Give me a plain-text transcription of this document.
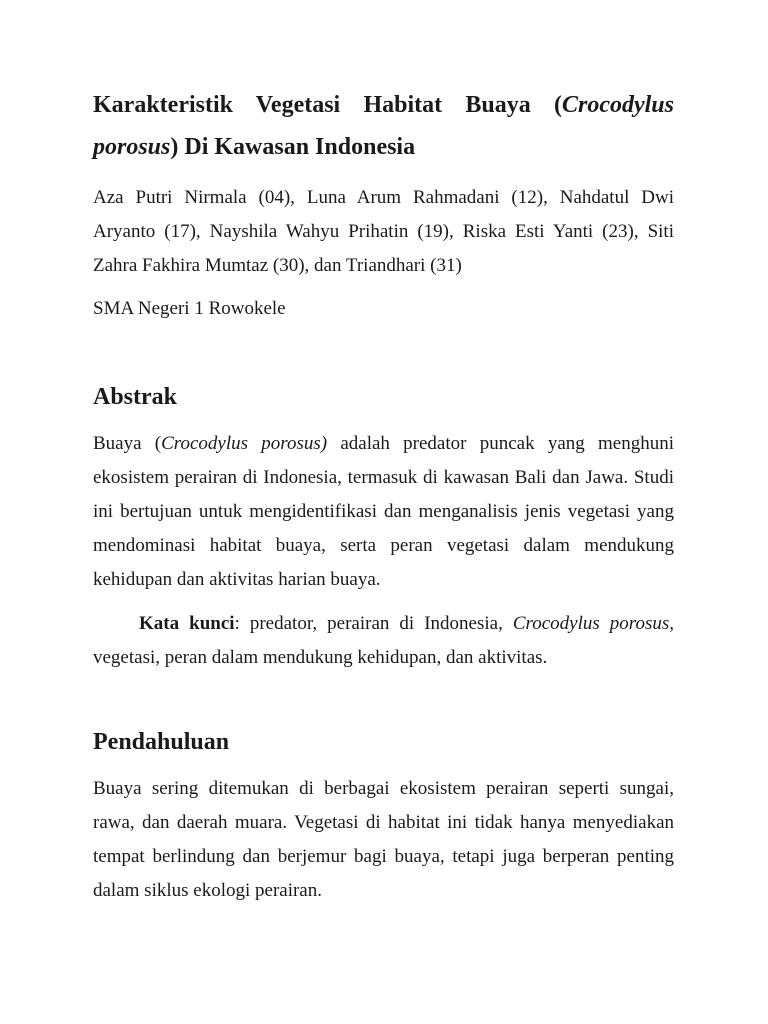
Karakteristik Vegetasi Habitat Buaya (Crocodylus porosus) Di Kawasan Indonesia

Aza Putri Nirmala (04), Luna Arum Rahmadani (12), Nahdatul Dwi Aryanto (17), Nayshila Wahyu Prihatin (19), Riska Esti Yanti (23), Siti Zahra Fakhira Mumtaz (30), dan Triandhari (31)

SMA Negeri 1 Rowokele

Abstrak

Buaya (Crocodylus porosus) adalah predator puncak yang menghuni ekosistem perairan di Indonesia, termasuk di kawasan Bali dan Jawa. Studi ini bertujuan untuk mengidentifikasi dan menganalisis jenis vegetasi yang mendominasi habitat buaya, serta peran vegetasi dalam mendukung kehidupan dan aktivitas harian buaya.

Kata kunci: predator, perairan di Indonesia, Crocodylus porosus, vegetasi, peran dalam mendukung kehidupan, dan aktivitas.

Pendahuluan

Buaya sering ditemukan di berbagai ekosistem perairan seperti sungai, rawa, dan daerah muara. Vegetasi di habitat ini tidak hanya menyediakan tempat berlindung dan berjemur bagi buaya, tetapi juga berperan penting dalam siklus ekologi perairan.
